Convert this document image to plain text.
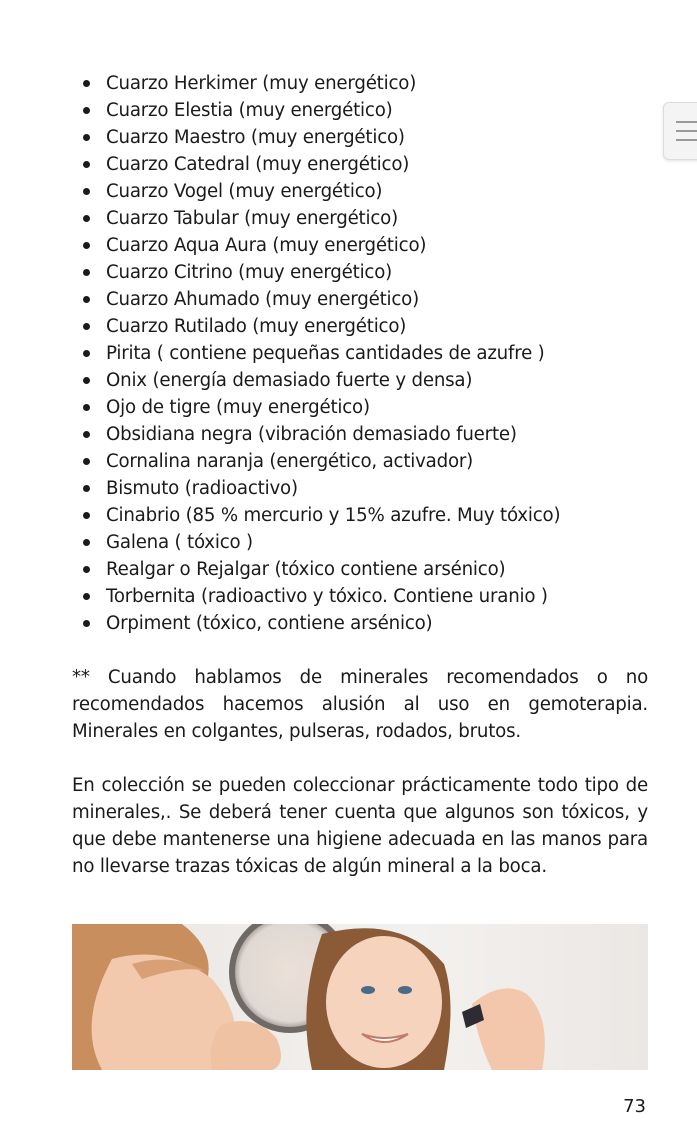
Cuarzo Herkimer (muy energético)
Cuarzo Elestia (muy energético)
Cuarzo Maestro (muy energético)
Cuarzo Catedral (muy energético)
Cuarzo Vogel (muy energético)
Cuarzo Tabular (muy energético)
Cuarzo Aqua Aura (muy energético)
Cuarzo Citrino (muy energético)
Cuarzo Ahumado (muy energético)
Cuarzo Rutilado (muy energético)
Pirita ( contiene pequeñas cantidades de azufre )
Onix (energía demasiado fuerte y densa)
Ojo de tigre (muy energético)
Obsidiana negra (vibración demasiado fuerte)
Cornalina naranja (energético, activador)
Bismuto (radioactivo)
Cinabrio (85 % mercurio y 15% azufre. Muy tóxico)
Galena ( tóxico )
Realgar o Rejalgar (tóxico contiene arsénico)
Torbernita (radioactivo y tóxico. Contiene uranio )
Orpiment (tóxico, contiene arsénico)

** Cuando hablamos de minerales recomendados o no recomendados hacemos alusión al uso en gemoterapia. Minerales en colgantes, pulseras, rodados, brutos.

En colección se pueden coleccionar prácticamente todo tipo de minerales,. Se deberá tener cuenta que algunos son tóxicos, y que debe mantenerse una higiene adecuada en las manos para no llevarse trazas tóxicas de algún mineral a la boca.

73
